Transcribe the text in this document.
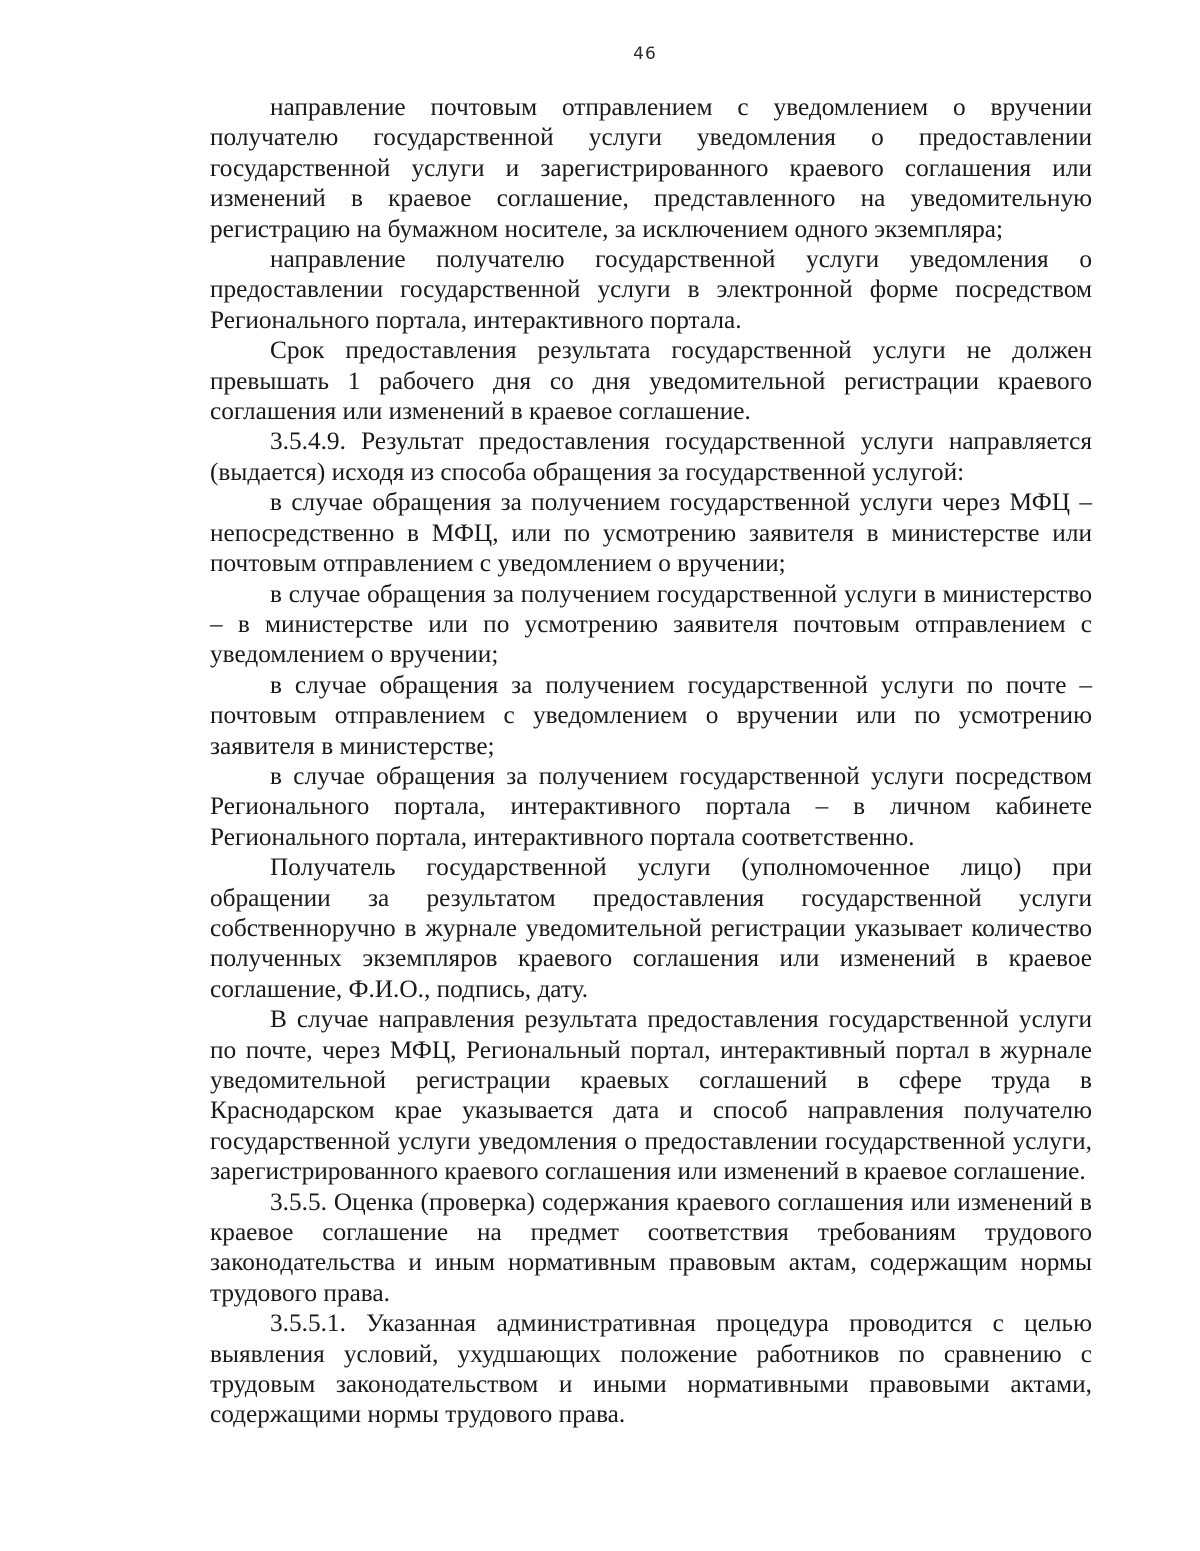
46

направление почтовым отправлением с уведомлением о вручении получателю государственной услуги уведомления о предоставлении государственной услуги и зарегистрированного краевого соглашения или изменений в краевое соглашение, представленного на уведомительную регистрацию на бумажном носителе, за исключением одного экземпляра;

направление получателю государственной услуги уведомления о предоставлении государственной услуги в электронной форме посредством Регионального портала, интерактивного портала.

Срок предоставления результата государственной услуги не должен превышать 1 рабочего дня со дня уведомительной регистрации краевого соглашения или изменений в краевое соглашение.

3.5.4.9. Результат предоставления государственной услуги направляется (выдается) исходя из способа обращения за государственной услугой:

в случае обращения за получением государственной услуги через МФЦ – непосредственно в МФЦ, или по усмотрению заявителя в министерстве или почтовым отправлением с уведомлением о вручении;

в случае обращения за получением государственной услуги в министерство – в министерстве или по усмотрению заявителя почтовым отправлением с уведомлением о вручении;

в случае обращения за получением государственной услуги по почте – почтовым отправлением с уведомлением о вручении или по усмотрению заявителя в министерстве;

в случае обращения за получением государственной услуги посредством Регионального портала, интерактивного портала – в личном кабинете Регионального портала, интерактивного портала соответственно.

Получатель государственной услуги (уполномоченное лицо) при обращении за результатом предоставления государственной услуги собственноручно в журнале уведомительной регистрации указывает количество полученных экземпляров краевого соглашения или изменений в краевое соглашение, Ф.И.О., подпись, дату.

В случае направления результата предоставления государственной услуги по почте, через МФЦ, Региональный портал, интерактивный портал в журнале уведомительной регистрации краевых соглашений в сфере труда в Краснодарском крае указывается дата и способ направления получателю государственной услуги уведомления о предоставлении государственной услуги, зарегистрированного краевого соглашения или изменений в краевое соглашение.

3.5.5. Оценка (проверка) содержания краевого соглашения или изменений в краевое соглашение на предмет соответствия требованиям трудового законодательства и иным нормативным правовым актам, содержащим нормы трудового права.

3.5.5.1. Указанная административная процедура проводится с целью выявления условий, ухудшающих положение работников по сравнению с трудовым законодательством и иными нормативными правовыми актами, содержащими нормы трудового права.
